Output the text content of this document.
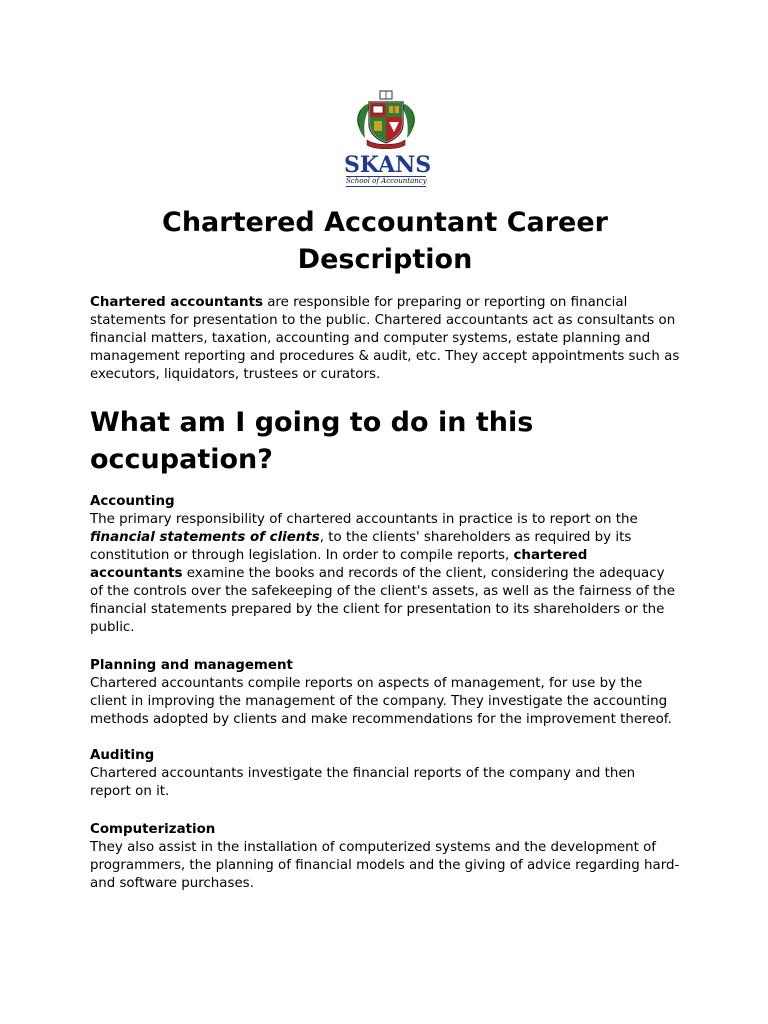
SKANS
School of Accountancy
Chartered Accountant Career Description

Chartered accountants are responsible for preparing or reporting on financial statements for presentation to the public. Chartered accountants act as consultants on financial matters, taxation, accounting and computer systems, estate planning and management reporting and procedures & audit, etc. They accept appointments such as executors, liquidators, trustees or curators.

What am I going to do in this occupation?
Accounting
The primary responsibility of chartered accountants in practice is to report on the financial statements of clients, to the clients' shareholders as required by its constitution or through legislation. In order to compile reports, chartered accountants examine the books and records of the client, considering the adequacy of the controls over the safekeeping of the client's assets, as well as the fairness of the financial statements prepared by the client for presentation to its shareholders or the public.
Planning and management
Chartered accountants compile reports on aspects of management, for use by the client in improving the management of the company. They investigate the accounting methods adopted by clients and make recommendations for the improvement thereof.
Auditing
Chartered accountants investigate the financial reports of the company and then report on it.
Computerization
They also assist in the installation of computerized systems and the development of programmers, the planning of financial models and the giving of advice regarding hard- and software purchases.
